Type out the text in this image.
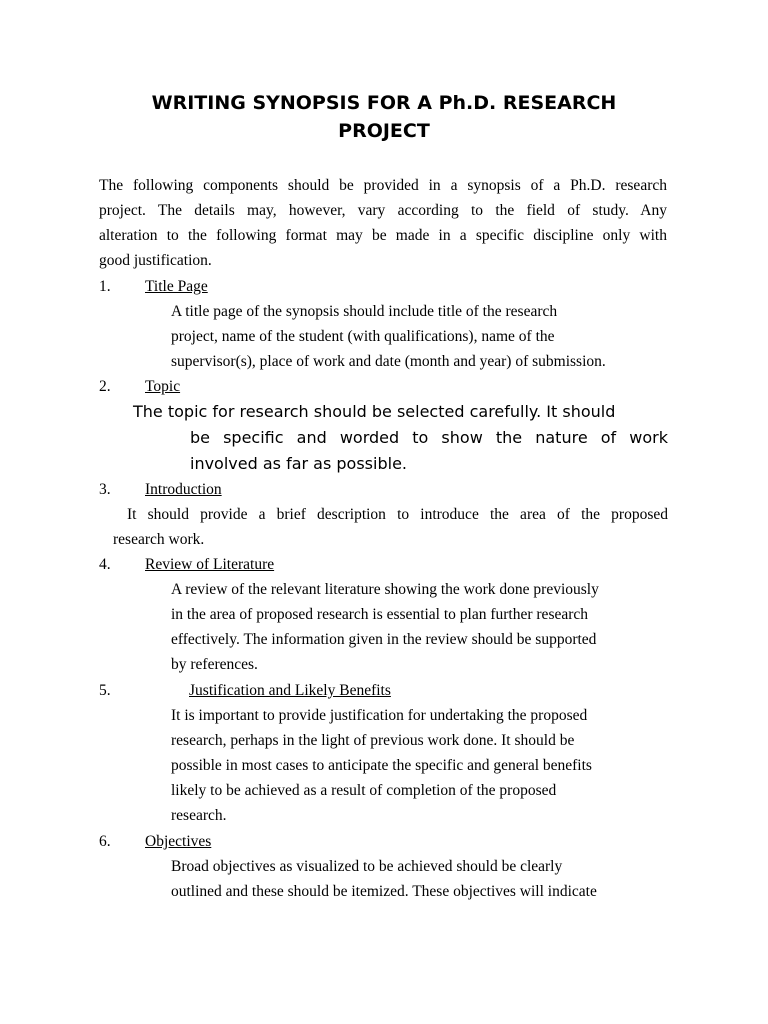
WRITING SYNOPSIS FOR A Ph.D. RESEARCH
PROJECT

The following components should be provided in a synopsis of a Ph.D. research

project. The details may, however, vary according to the field of study. Any

alteration to the following format may be made in a specific discipline only with

good justification.

1. Title Page

A title page of the synopsis should include title of the research

project, name of the student (with qualifications), name of the

supervisor(s), place of work and date (month and year) of submission.

2. Topic

The topic for research should be selected carefully. It should

be specific and worded to show the nature of work

involved as far as possible.

3. Introduction

It should provide a brief description to introduce the area of the proposed

research work.

4. Review of Literature

A review of the relevant literature showing the work done previously

in the area of proposed research is essential to plan further research

effectively. The information given in the review should be supported

by references.

5.	Justification and Likely Benefits

It is important to provide justification for undertaking the proposed

research, perhaps in the light of previous work done. It should be

possible in most cases to anticipate the specific and general benefits

likely to be achieved as a result of completion of the proposed

research.

6. Objectives

Broad objectives as visualized to be achieved should be clearly

outlined and these should be itemized. These objectives will indicate
